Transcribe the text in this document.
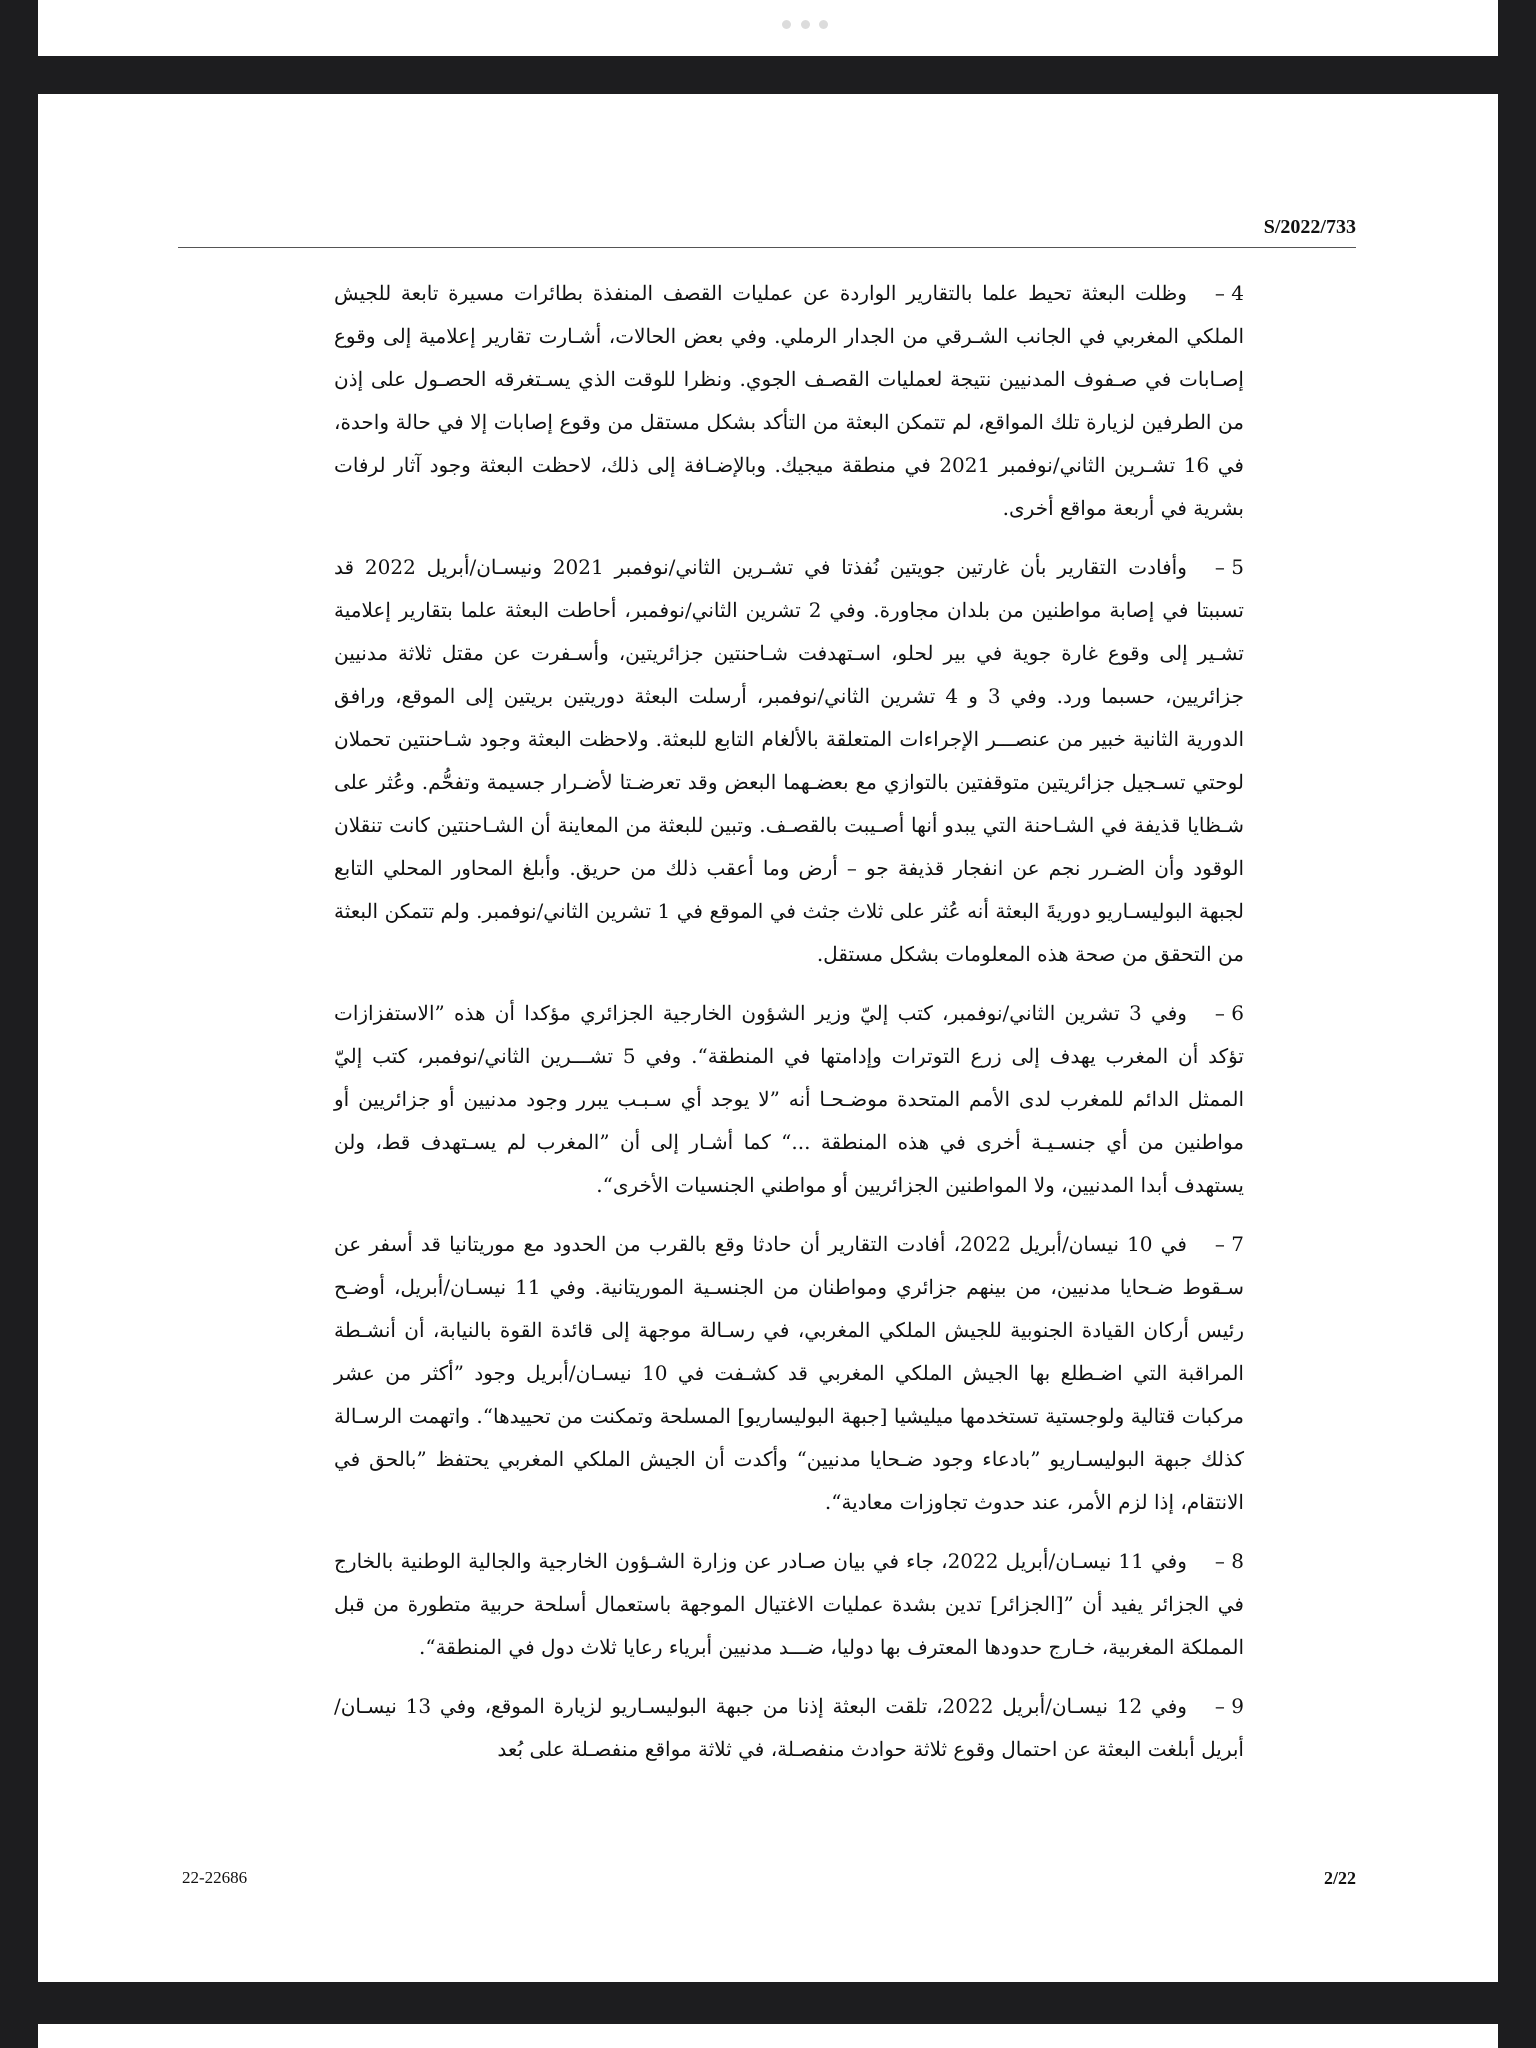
S/2022/733

4 –وظلت البعثة تحيط علما بالتقارير الواردة عن عمليات القصف المنفذة بطائرات مسيرة تابعة للجيش الملكي المغربي في الجانب الشـرقي من الجدار الرملي. وفي بعض الحالات، أشـارت تقارير إعلامية إلى وقوع إصـابات في صـفوف المدنيين نتيجة لعمليات القصـف الجوي. ونظرا للوقت الذي يسـتغرقه الحصـول على إذن من الطرفين لزيارة تلك المواقع، لم تتمكن البعثة من التأكد بشكل مستقل من وقوع إصابات إلا في حالة واحدة، في 16 تشـرين الثاني/نوفمبر 2021 في منطقة ميجيك. وبالإضـافة إلى ذلك، لاحظت البعثة وجود آثار لرفات بشرية في أربعة مواقع أخرى.

5 –وأفادت التقارير بأن غارتين جويتين نُفذتا في تشـرين الثاني/نوفمبر 2021 ونيسـان/أبريل 2022 قد تسببتا في إصابة مواطنين من بلدان مجاورة. وفي 2 تشرين الثاني/نوفمبر، أحاطت البعثة علما بتقارير إعلامية تشـير إلى وقوع غارة جوية في بير لحلو، اسـتهدفت شـاحنتين جزائريتين، وأسـفرت عن مقتل ثلاثة مدنيين جزائريين، حسبما ورد. وفي 3 و 4 تشرين الثاني/نوفمبر، أرسلت البعثة دوريتين بريتين إلى الموقع، ورافق الدورية الثانية خبير من عنصـــر الإجراءات المتعلقة بالألغام التابع للبعثة. ولاحظت البعثة وجود شـاحنتين تحملان لوحتي تسـجيل جزائريتين متوقفتين بالتوازي مع بعضـهما البعض وقد تعرضـتا لأضـرار جسيمة وتفحُّم. وعُثر على شـظايا قذيفة في الشـاحنة التي يبدو أنها أصـيبت بالقصـف. وتبين للبعثة من المعاينة أن الشـاحنتين كانت تنقلان الوقود وأن الضـرر نجم عن انفجار قذيفة جو – أرض وما أعقب ذلك من حريق. وأبلغ المحاور المحلي التابع لجبهة البوليسـاريو دوريةَ البعثة أنه عُثر على ثلاث جثث في الموقع في 1 تشرين الثاني/نوفمبر. ولم تتمكن البعثة من التحقق من صحة هذه المعلومات بشكل مستقل.

6 –وفي 3 تشرين الثاني/نوفمبر، كتب إليّ وزير الشؤون الخارجية الجزائري مؤكدا أن هذه ”الاستفزازات تؤكد أن المغرب يهدف إلى زرع التوترات وإدامتها في المنطقة“. وفي 5 تشـــرين الثاني/نوفمبر، كتب إليّ الممثل الدائم للمغرب لدى الأمم المتحدة موضـحـا أنه ”لا يوجد أي سـبـب يبرر وجود مدنيين أو جزائريين أو مواطنين من أي جنسـيـة أخرى في هذه المنطقة ...“ كما أشـار إلى أن ”المغرب لم يسـتهدف قط، ولن يستهدف أبدا المدنيين، ولا المواطنين الجزائريين أو مواطني الجنسيات الأخرى“.

7 –في 10 نيسان/أبريل 2022، أفادت التقارير أن حادثا وقع بالقرب من الحدود مع موريتانيا قد أسفر عن سـقوط ضـحايا مدنيين، من بينهم جزائري ومواطنان من الجنسـية الموريتانية. وفي 11 نيسـان/أبريل، أوضـح رئيس أركان القيادة الجنوبية للجيش الملكي المغربي، في رسـالة موجهة إلى قائدة القوة بالنيابة، أن أنشـطة المراقبة التي اضـطلع بها الجيش الملكي المغربي قد كشـفت في 10 نيسـان/أبريل وجود ”أكثر من عشر مركبات قتالية ولوجستية تستخدمها ميليشيا [جبهة البوليساريو] المسلحة وتمكنت من تحييدها“. واتهمت الرسـالة كذلك جبهة البوليسـاريو ”بادعاء وجود ضـحايا مدنيين“ وأكدت أن الجيش الملكي المغربي يحتفظ ”بالحق في الانتقام، إذا لزم الأمر، عند حدوث تجاوزات معادية“.

8 –وفي 11 نيسـان/أبريل 2022، جاء في بيان صـادر عن وزارة الشـؤون الخارجية والجالية الوطنية بالخارج في الجزائر يفيد أن ”[الجزائر] تدين بشدة عمليات الاغتيال الموجهة باستعمال أسلحة حربية متطورة من قبل المملكة المغربية، خـارج حدودها المعترف بها دوليا، ضـــد مدنيين أبرياء رعايا ثلاث دول في المنطقة“.

9 –وفي 12 نيسـان/أبريل 2022، تلقت البعثة إذنا من جبهة البوليسـاريو لزيارة الموقع، وفي 13 نيسـان/أبريل أبلغت البعثة عن احتمال وقوع ثلاثة حوادث منفصـلة، في ثلاثة مواقع منفصـلة على بُعد

22-22686	2/22
